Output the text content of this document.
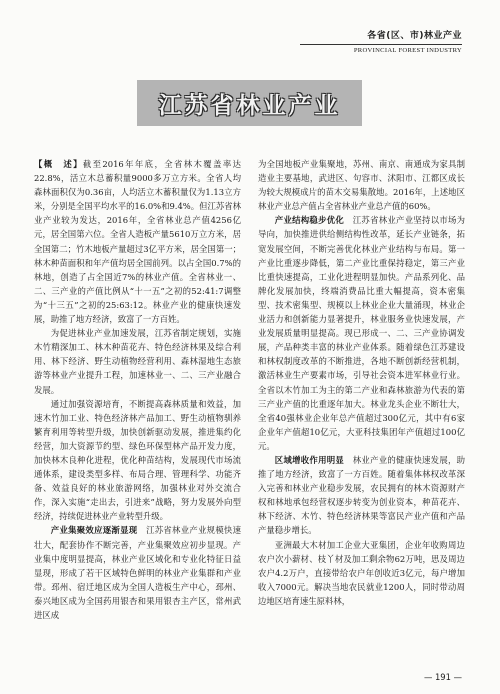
各省(区、市)林业产业
PROVINCIAL FOREST INDUSTRY
江苏省林业产业

【概　述】截至2016年年底，全省林木覆盖率达22.8%，活立木总蓄积量9000多万立方米。全省人均森林面积仅为0.36亩，人均活立木蓄积量仅为1.13立方米，分别是全国平均水平的16.0%和9.4%。但江苏省林业产业较为发达，2016年，全省林业总产值4256亿元，居全国第六位。全省人造板产量5610万立方米，居全国第二；竹木地板产量超过3亿平方米，居全国第一；林木种苗面积和年产值均居全国前列。以占全国0.7%的林地，创造了占全国近7%的林业产值。全省林业一、二、三产业的产值比例从“十一五”之初的52:41:7调整为“十三五”之初的25:63:12。林业产业的健康快速发展，助推了地方经济，致富了一方百姓。

为促进林业产业加速发展，江苏省制定规划，实施木竹精深加工、林木种苗花卉、特色经济林果及综合利用、林下经济、野生动植物经营利用、森林湿地生态旅游等林业产业提升工程，加速林业一、二、三产业融合发展。

通过加强资源培育，不断提高森林质量和效益，加速木竹加工业、特色经济林产品加工、野生动植物驯养繁育利用等转型升级，加快创新驱动发展，推进集约化经营，加大资源节约型、绿色环保型林产品开发力度，加快林木良种化进程，优化种苗结构，发展现代市场流通体系，建设类型多样、布局合理、管理科学、功能齐备、效益良好的林业旅游网络，加强林业对外交流合作，深入实施“走出去，引进来”战略，努力发展外向型经济，持续促进林业产业转型升级。

产业集聚效应逐渐显现　 江苏省林业产业规模快速壮大，配套协作不断完善，产业集聚效应初步显现。产业集中度明显提高，林业产业区域化和专业化特征日益显现，形成了若干区域特色鲜明的林业产业集群和产业带。邳州、宿迁地区成为全国人造板生产中心，邳州、泰兴地区成为全国药用银杏和果用银杏主产区，常州武进区成

为全国地板产业集聚地，苏州、南京、南通成为家具制造业主要基地，武进区、句容市、沭阳市、江都区成长为较大规模成片的苗木交易集散地。2016年，上述地区林业产业总产值占全省林业产业总产值的60%。

产业结构稳步优化　 江苏省林业产业坚持以市场为导向，加快推进供给侧结构性改革，延长产业链条，拓宽发展空间，不断完善优化林业产业结构与布局。第一产业比重逐步降低，第二产业比重保持稳定，第三产业比重快速提高，工业化进程明显加快。产品系列化、品牌化发展加快，终端消费品比重大幅提高，资本密集型、技术密集型、规模以上林业企业大量涌现，林业企业活力和创新能力显著提升，林业服务业快速发展，产业发展质量明显提高。现已形成一、二、三产业协调发展，产品种类丰富的林业产业体系。随着绿色江苏建设和林权制度改革的不断推进，各地不断创新经营机制，激活林业生产要素市场，引导社会资本进军林业行业。全省以木竹加工为主的第二产业和森林旅游为代表的第三产业产值的比重逐年加大。林业龙头企业不断壮大，全省40强林业企业年总产值超过300亿元，其中有6家企业年产值超10亿元，大亚科技集团年产值超过100亿元。

区域增收作用明显　 林业产业的健康快速发展，助推了地方经济，致富了一方百姓。随着集体林权改革深入完善和林业产业稳步发展，农民拥有的林木资源财产权和林地承包经营权逐步转变为创业资本，种苗花卉、林下经济、木竹、特色经济林果等富民产业产值和产品产量稳步增长。

亚洲最大木材加工企业大亚集团，企业年收购周边农户次小薪材、枝丫材及加工剩余物62万吨，思及周边农户4.2万户，直接带给农户年创收近3亿元，每户增加收入7000元。解决当地农民就业1200人，同时带动周边地区培育速生原料林，

— 191 —
